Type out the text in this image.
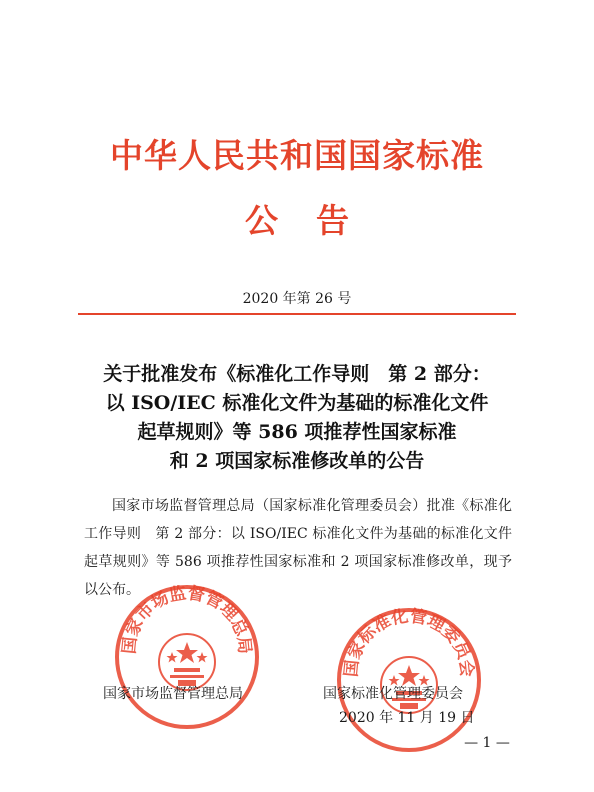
中华人民共和国国家标准
公告
2020 年第 26 号
关于批准发布《标准化工作导则　第 2 部分：
以 ISO/IEC 标准化文件为基础的标准化文件
起草规则》等 586 项推荐性国家标准
和 2 项国家标准修改单的公告
国家市场监督管理总局（国家标准化管理委员会）批准《标准化工作导则　第 2 部分：以 ISO/IEC 标准化文件为基础的标准化文件起草规则》等 586 项推荐性国家标准和 2 项国家标准修改单，现予以公布。
国家市场监督管理总局
国家标准化管理委员会
国家市场监督管理总局	国家标准化管理委员会
2020 年 11 月 19 日
— 1 —
